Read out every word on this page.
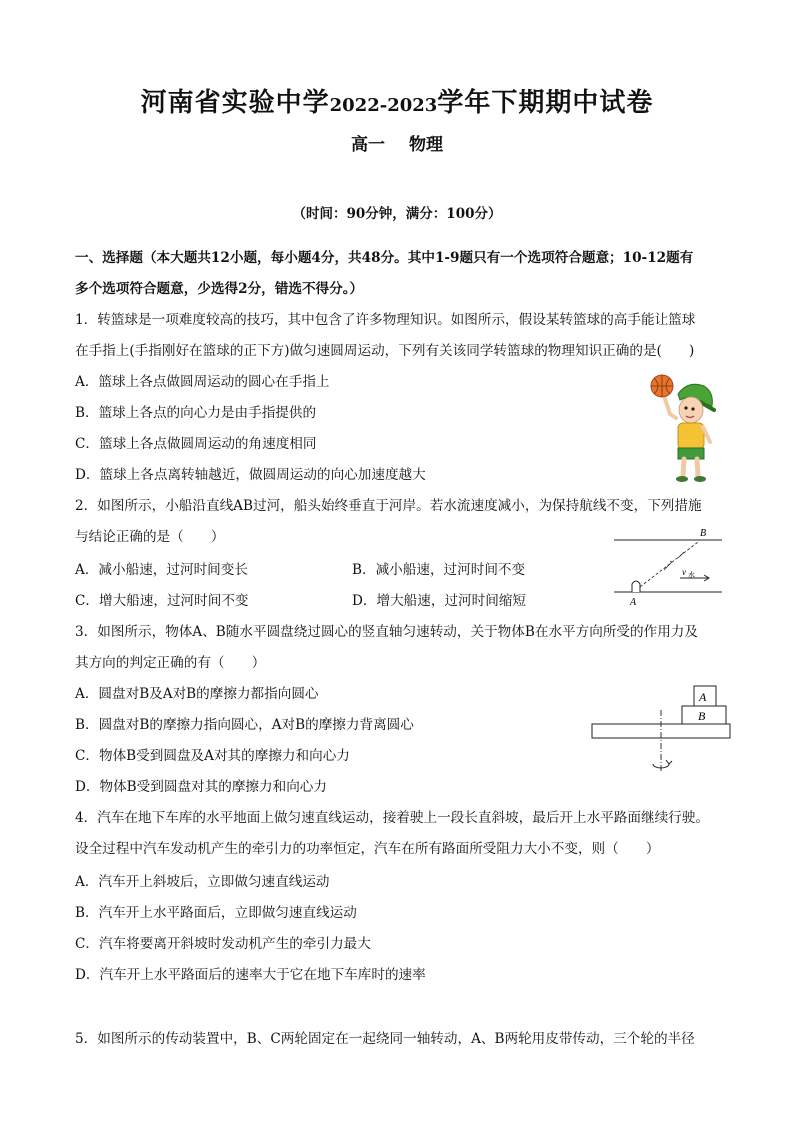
河南省实验中学2022-2023学年下期期中试卷
高一 物理
（时间：90分钟，满分：100分）
一、选择题（本大题共12小题，每小题4分，共48分。其中1-9题只有一个选项符合题意；10-12题有
多个选项符合题意，少选得2分，错选不得分。）
1．转篮球是一项难度较高的技巧，其中包含了许多物理知识。如图所示，假设某转篮球的高手能让篮球
在手指上(手指刚好在篮球的正下方)做匀速圆周运动，下列有关该同学转篮球的物理知识正确的是(　　)
A．篮球上各点做圆周运动的圆心在手指上
B．篮球上各点的向心力是由手指提供的
C．篮球上各点做圆周运动的角速度相同
D．篮球上各点离转轴越近，做圆周运动的向心加速度越大
2．如图所示，小船沿直线AB过河，船头始终垂直于河岸。若水流速度减小，为保持航线不变，下列措施
与结论正确的是（　　）
A．减小船速，过河时间变长	B．减小船速，过河时间不变
C．增大船速，过河时间不变	D．增大船速，过河时间缩短	A
B
v 水
3．如图所示，物体A、B随水平圆盘绕过圆心的竖直轴匀速转动，关于物体B在水平方向所受的作用力及
其方向的判定正确的有（　　）
A．圆盘对B及A对B的摩擦力都指向圆心
B．圆盘对B的摩擦力指向圆心，A对B的摩擦力背离圆心
C．物体B受到圆盘及A对其的摩擦力和向心力
D．物体B受到圆盘对其的摩擦力和向心力
A
B
4．汽车在地下车库的水平地面上做匀速直线运动，接着驶上一段长直斜坡，最后开上水平路面继续行驶。
设全过程中汽车发动机产生的牵引力的功率恒定，汽车在所有路面所受阻力大小不变，则（　　）
A．汽车开上斜坡后，立即做匀速直线运动
B．汽车开上水平路面后，立即做匀速直线运动
C．汽车将要离开斜坡时发动机产生的牵引力最大
D．汽车开上水平路面后的速率大于它在地下车库时的速率
5．如图所示的传动装置中，B、C两轮固定在一起绕同一轴转动，A、B两轮用皮带传动，三个轮的半径
